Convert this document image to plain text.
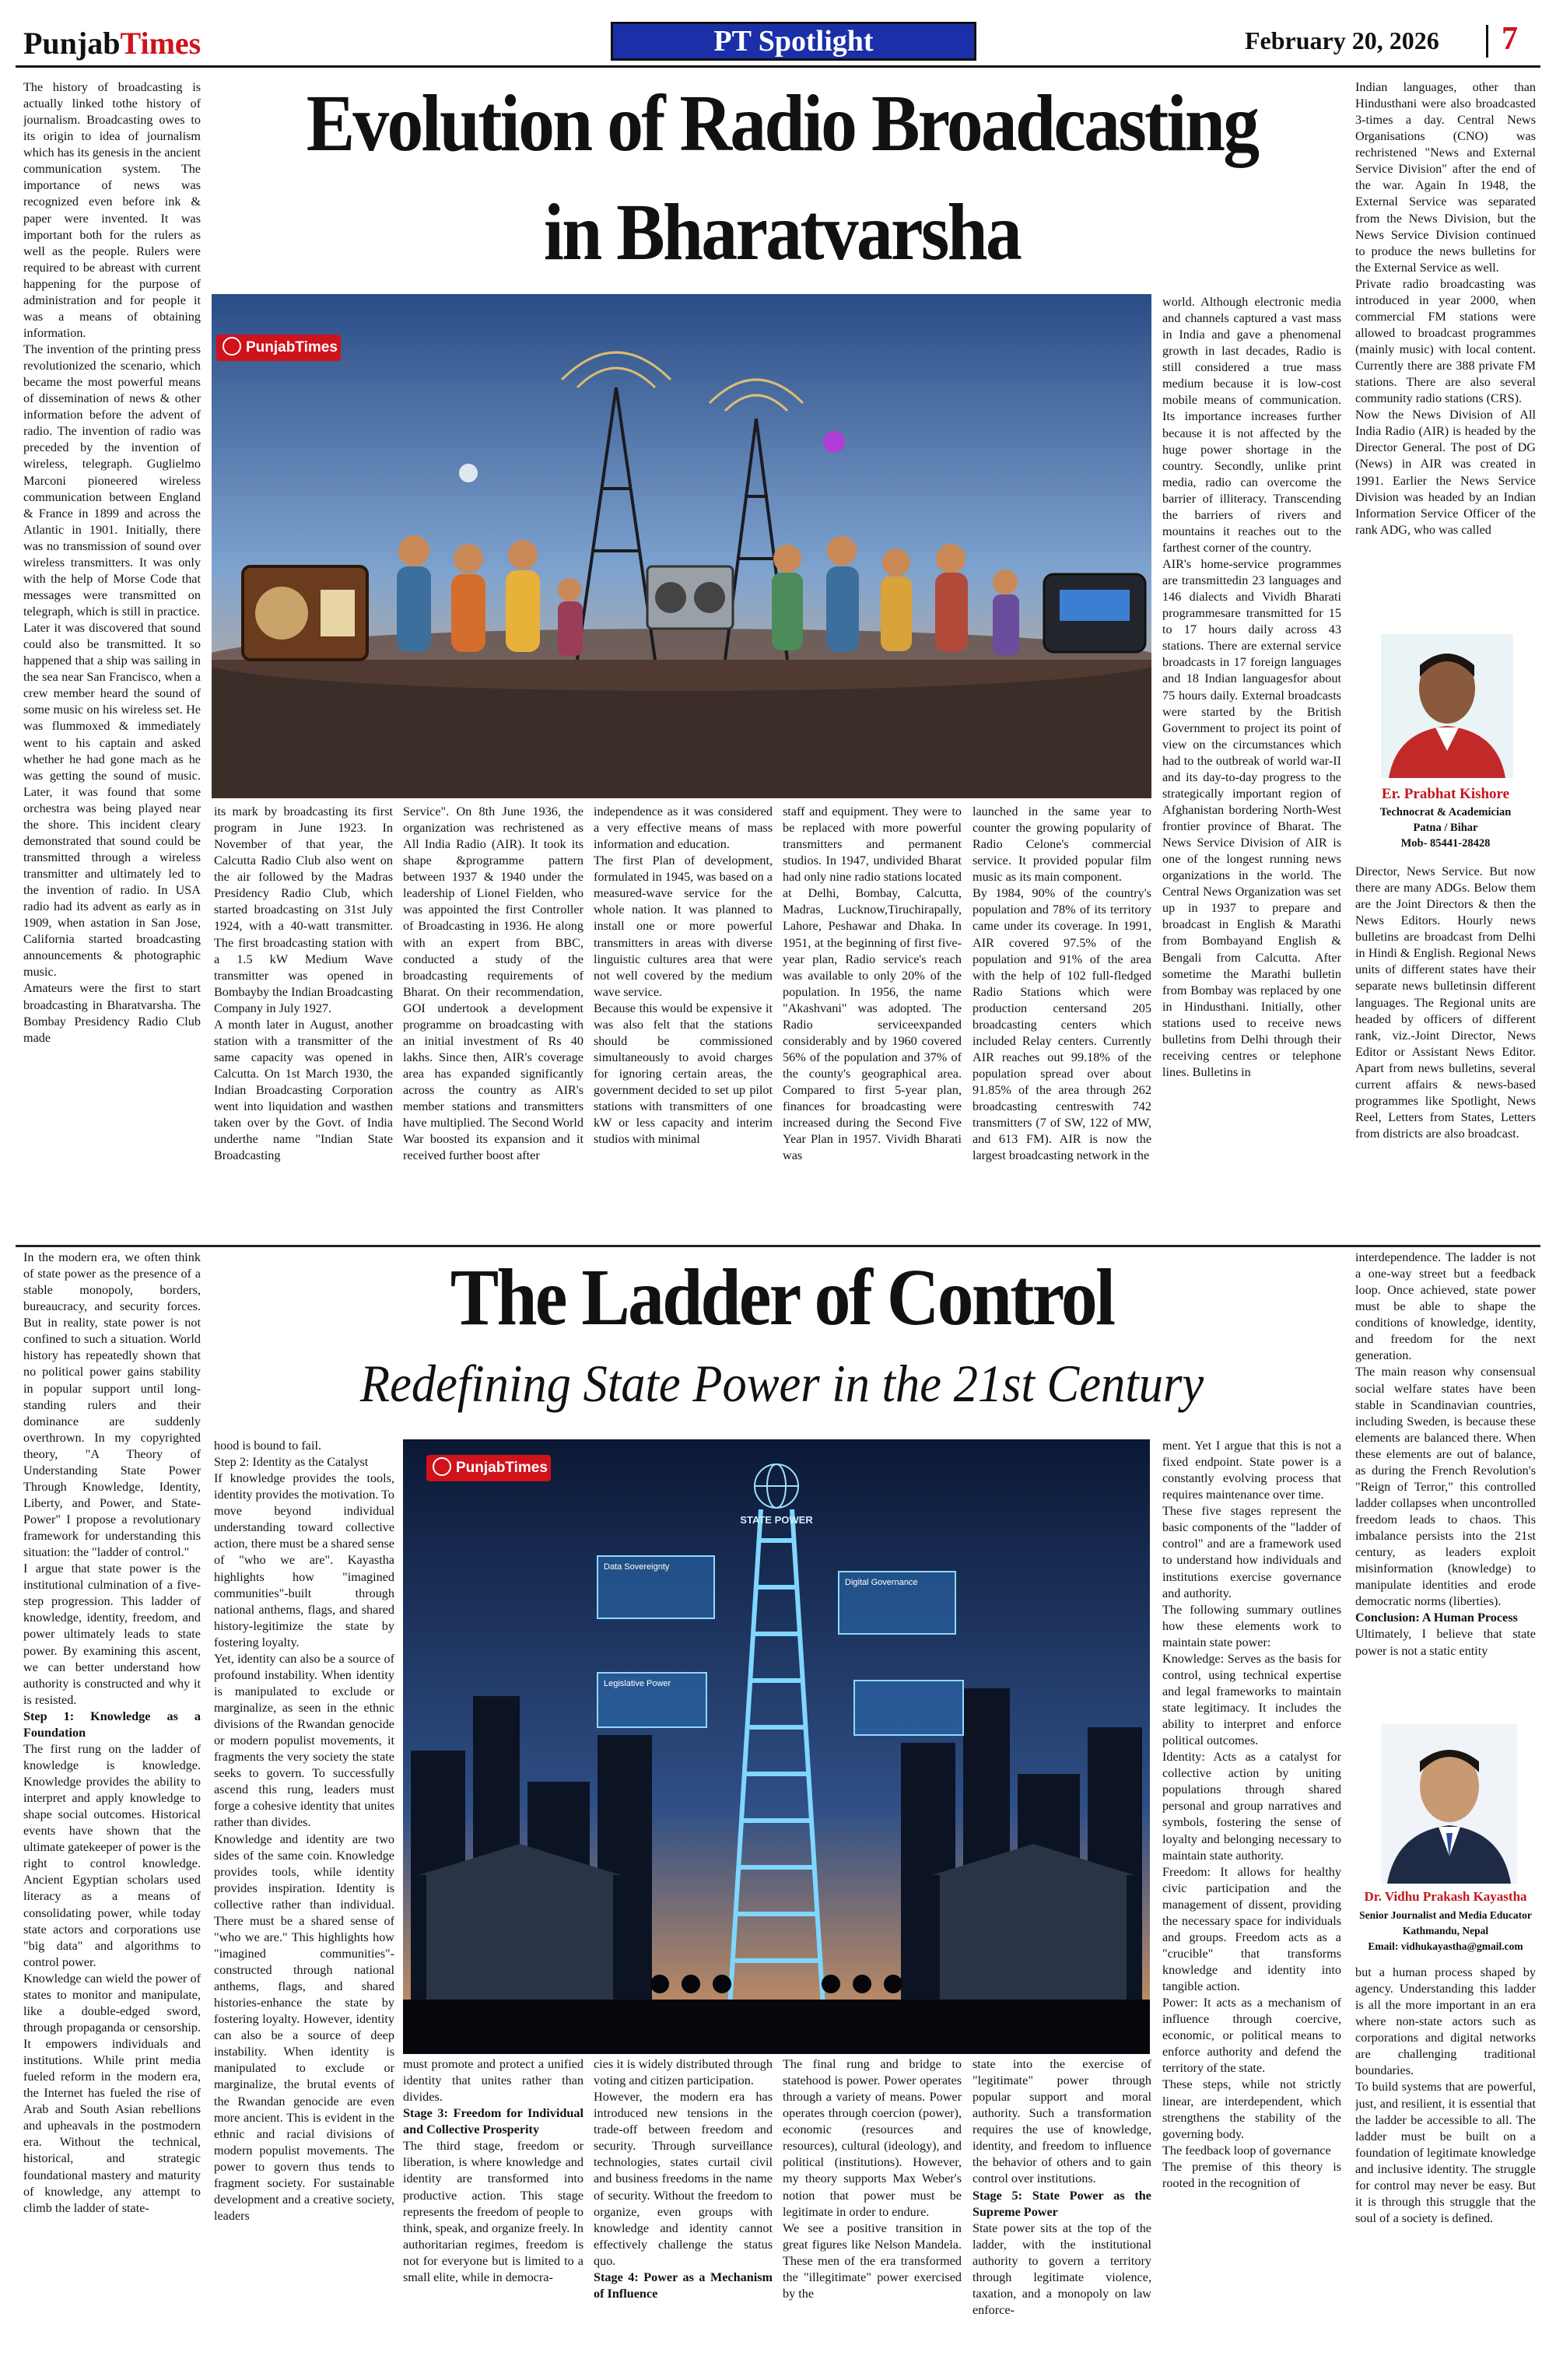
PunjabTimes	PT Spotlight	February 20, 2026 7
Evolution of Radio Broadcasting
in Bharatvarsha

The history of broadcasting is actually linked tothe history of journalism. Broadcasting owes to its origin to idea of journalism which has its genesis in the ancient communication system. The importance of news was recognized even before ink & paper were invented. It was important both for the rulers as well as the people. Rulers were required to be abreast with current happening for the purpose of administration and for people it was a means of obtaining information.
The invention of the printing press revolutionized the scenario, which became the most powerful means of dissemination of news & other information before the advent of radio. The invention of radio was preceded by the invention of wireless, telegraph. Guglielmo Marconi pioneered wireless communication between England & France in 1899 and across the Atlantic in 1901. Initially, there was no transmission of sound over wireless transmitters. It was only with the help of Morse Code that messages were transmitted on telegraph, which is still in practice.
Later it was discovered that sound could also be transmitted. It so happened that a ship was sailing in the sea near San Francisco, when a crew member heard the sound of some music on his wireless set. He was flummoxed & immediately went to his captain and asked whether he had gone mach as he was getting the sound of music. Later, it was found that some orchestra was being played near the shore. This incident cleary demonstrated that sound could be transmitted through a wireless transmitter and ultimately led to the invention of radio. In USA radio had its advent as early as in 1909, when astation in San Jose, California started broadcasting announcements & photographic music.
Amateurs were the first to start broadcasting in Bharatvarsha. The Bombay Presidency Radio Club made

PunjabTimes

its mark by broadcasting its first program in June 1923. In November of that year, the Calcutta Radio Club also went on the air followed by the Madras Presidency Radio Club, which started broadcasting on 31st July 1924, with a 40-watt transmitter. The first broadcasting station with a 1.5 kW Medium Wave transmitter was opened in Bombayby the Indian Broadcasting Company in July 1927.
A month later in August, another station with a transmitter of the same capacity was opened in Calcutta. On 1st March 1930, the Indian Broadcasting Corporation went into liquidation and wasthen taken over by the Govt. of India underthe name "Indian State Broadcasting

Service". On 8th June 1936, the organization was rechristened as All India Radio (AIR). It took its shape &programme pattern between 1937 & 1940 under the leadership of Lionel Fielden, who was appointed the first Controller of Broadcasting in 1936. He along with an expert from BBC, conducted a study of the broadcasting requirements of Bharat. On their recommendation, GOI undertook a development programme on broadcasting with an initial investment of Rs 40 lakhs. Since then, AIR's coverage area has expanded significantly across the country as AIR's member stations and transmitters have multiplied. The Second World War boosted its expansion and it received further boost after

independence as it was considered a very effective means of mass information and education.
The first Plan of development, formulated in 1945, was based on a measured-wave service for the whole nation. It was planned to install one or more powerful transmitters in areas with diverse linguistic cultures area that were not well covered by the medium wave service.
Because this would be expensive it was also felt that the stations should be commissioned simultaneously to avoid charges for ignoring certain areas, the government decided to set up pilot stations with transmitters of one kW or less capacity and interim studios with minimal

staff and equipment. They were to be replaced with more powerful transmitters and permanent studios. In 1947, undivided Bharat had only nine radio stations located at Delhi, Bombay, Calcutta, Madras, Lucknow,Tiruchirapally, Lahore, Peshawar and Dhaka. In 1951, at the beginning of first five-year plan, Radio service's reach was available to only 20% of the population. In 1956, the name "Akashvani" was adopted. The Radio serviceexpanded considerably and by 1960 covered 56% of the population and 37% of the county's geographical area. Compared to first 5-year plan, finances for broadcasting were increased during the Second Five Year Plan in 1957. Vividh Bharati was

launched in the same year to counter the growing popularity of Radio Celone's commercial service. It provided popular film music as its main component.
By 1984, 90% of the country's population and 78% of its territory came under its coverage. In 1991, AIR covered 97.5% of the population and 91% of the area with the help of 102 full-fledged Radio Stations which were production centersand 205 broadcasting centers which included Relay centers. Currently AIR reaches out 99.18% of the population spread over about 91.85% of the area through 262 broadcasting centreswith 742 transmitters (7 of SW, 122 of MW, and 613 FM). AIR is now the largest broadcasting network in the

world. Although electronic media and channels captured a vast mass in India and gave a phenomenal growth in last decades, Radio is still considered a true mass medium because it is low-cost mobile means of communication. Its importance increases further because it is not affected by the huge power shortage in the country. Secondly, unlike print media, radio can overcome the barrier of illiteracy. Transcending the barriers of rivers and mountains it reaches out to the farthest corner of the country.
AIR's home-service programmes are transmittedin 23 languages and 146 dialects and Vividh Bharati programmesare transmitted for 15 to 17 hours daily across 43 stations. There are external service broadcasts in 17 foreign languages and 18 Indian languagesfor about 75 hours daily. External broadcasts were started by the British Government to project its point of view on the circumstances which had to the outbreak of world war-II and its day-to-day progress to the strategically important region of Afghanistan bordering North-West frontier province of Bharat. The News Service Division of AIR is one of the longest running news organizations in the world. The Central News Organization was set up in 1937 to prepare and broadcast in English & Marathi from Bombayand English & Bengali from Calcutta. After sometime the Marathi bulletin from Bombay was replaced by one in Hindusthani. Initially, other stations used to receive news bulletins from Delhi through their receiving centres or telephone lines. Bulletins in

Indian languages, other than Hindusthani were also broadcasted 3-times a day. Central News Organisations (CNO) was rechristened "News and External Service Division" after the end of the war. Again In 1948, the External Service was separated from the News Division, but the News Service Division continued to produce the news bulletins for the External Service as well.
Private radio broadcasting was introduced in year 2000, when commercial FM stations were allowed to broadcast programmes (mainly music) with local content. Currently there are 388 private FM stations. There are also several community radio stations (CRS).
Now the News Division of All India Radio (AIR) is headed by the Director General. The post of DG (News) in AIR was created in 1991. Earlier the News Service Division was headed by an Indian Information Service Officer of the rank ADG, who was called

Er. Prabhat Kishore
Technocrat & Academician
Patna / Bihar
Mob- 85441-28428

Director, News Service. But now there are many ADGs. Below them are the Joint Directors & then the News Editors. Hourly news bulletins are broadcast from Delhi in Hindi & English. Regional News units of different states have their separate news bulletinsin different languages. The Regional units are headed by officers of different rank, viz.-Joint Director, News Editor or Assistant News Editor. Apart from news bulletins, several current affairs & news-based programmes like Spotlight, News Reel, Letters from States, Letters from districts are also broadcast.

The Ladder of Control
Redefining State Power in the 21st Century

In the modern era, we often think of state power as the presence of a stable monopoly, borders, bureaucracy, and security forces. But in reality, state power is not confined to such a situation. World history has repeatedly shown that no political power gains stability in popular support until long-standing rulers and their dominance are suddenly overthrown. In my copyrighted theory, "A Theory of Understanding State Power Through Knowledge, Identity, Liberty, and Power, and State-Power" I propose a revolutionary framework for understanding this situation: the "ladder of control."
I argue that state power is the institutional culmination of a five-step progression. This ladder of knowledge, identity, freedom, and power ultimately leads to state power. By examining this ascent, we can better understand how authority is constructed and why it is resisted.

Step 1: Knowledge as a Foundation

The first rung on the ladder of knowledge is knowledge. Knowledge provides the ability to interpret and apply knowledge to shape social outcomes. Historical events have shown that the ultimate gatekeeper of power is the right to control knowledge. Ancient Egyptian scholars used literacy as a means of consolidating power, while today state actors and corporations use "big data" and algorithms to control power.
Knowledge can wield the power of states to monitor and manipulate, like a double-edged sword, through propaganda or censorship. It empowers individuals and institutions. While print media fueled reform in the modern era, the Internet has fueled the rise of Arab and South Asian rebellions and upheavals in the postmodern era. Without the technical, historical, and strategic foundational mastery and maturity of knowledge, any attempt to climb the ladder of state-

hood is bound to fail.
Step 2: Identity as the Catalyst
If knowledge provides the tools, identity provides the motivation. To move beyond individual understanding toward collective action, there must be a shared sense of "who we are". Kayastha highlights how "imagined communities"-built through national anthems, flags, and shared history-legitimize the state by fostering loyalty.
Yet, identity can also be a source of profound instability. When identity is manipulated to exclude or marginalize, as seen in the ethnic divisions of the Rwandan genocide or modern populist movements, it fragments the very society the state seeks to govern. To successfully ascend this rung, leaders must forge a cohesive identity that unites rather than divides.
Knowledge and identity are two sides of the same coin. Knowledge provides tools, while identity provides inspiration. Identity is collective rather than individual. There must be a shared sense of "who we are." This highlights how "imagined communities"-constructed through national anthems, flags, and shared histories-enhance the state by fostering loyalty. However, identity can also be a source of deep instability. When identity is manipulated to exclude or marginalize, the brutal events of the Rwandan genocide are even more ancient. This is evident in the ethnic and racial divisions of modern populist movements. The power to govern thus tends to fragment society. For sustainable development and a creative society, leaders

STATE POWER
Data Sovereignty
Digital Governance
Legislative Power
PunjabTimes

must promote and protect a unified identity that unites rather than divides.

Stage 3: Freedom for Individual and Collective Prosperity

The third stage, freedom or liberation, is where knowledge and identity are transformed into productive action. This stage represents the freedom of people to think, speak, and organize freely. In authoritarian regimes, freedom is not for everyone but is limited to a small elite, while in democra-

cies it is widely distributed through voting and citizen participation.
However, the modern era has introduced new tensions in the trade-off between freedom and security. Through surveillance technologies, states curtail civil and business freedoms in the name of security. Without the freedom to organize, even groups with knowledge and identity cannot effectively challenge the status quo.

Stage 4: Power as a Mechanism of Influence

The final rung and bridge to statehood is power. Power operates through a variety of means. Power operates through coercion (power), economic (resources and resources), cultural (ideology), and political (institutions). However, my theory supports Max Weber's notion that power must be legitimate in order to endure.
We see a positive transition in great figures like Nelson Mandela. These men of the era transformed the "illegitimate" power exercised by the

state into the exercise of "legitimate" power through popular support and moral authority. Such a transformation requires the use of knowledge, identity, and freedom to influence the behavior of others and to gain control over institutions.

Stage 5: State Power as the Supreme Power

State power sits at the top of the ladder, with the institutional authority to govern a territory through legitimate violence, taxation, and a monopoly on law enforce-

ment. Yet I argue that this is not a fixed endpoint. State power is a constantly evolving process that requires maintenance over time.
These five stages represent the basic components of the "ladder of control" and are a framework used to understand how individuals and institutions exercise governance and authority.
The following summary outlines how these elements work to maintain state power:
Knowledge: Serves as the basis for control, using technical expertise and legal frameworks to maintain state legitimacy. It includes the ability to interpret and enforce political outcomes.
Identity: Acts as a catalyst for collective action by uniting populations through shared personal and group narratives and symbols, fostering the sense of loyalty and belonging necessary to maintain state authority.
Freedom: It allows for healthy civic participation and the management of dissent, providing the necessary space for individuals and groups. Freedom acts as a "crucible" that transforms knowledge and identity into tangible action.
Power: It acts as a mechanism of influence through coercive, economic, or political means to enforce authority and defend the territory of the state.
These steps, while not strictly linear, are interdependent, which strengthens the stability of the governing body.
The feedback loop of governance
The premise of this theory is rooted in the recognition of

interdependence. The ladder is not a one-way street but a feedback loop. Once achieved, state power must be able to shape the conditions of knowledge, identity, and freedom for the next generation.
The main reason why consensual social welfare states have been stable in Scandinavian countries, including Sweden, is because these elements are balanced there. When these elements are out of balance, as during the French Revolution's "Reign of Terror," this controlled ladder collapses when uncontrolled freedom leads to chaos. This imbalance persists into the 21st century, as leaders exploit misinformation (knowledge) to manipulate identities and erode democratic norms (liberties).

Conclusion: A Human Process

Ultimately, I believe that state power is not a static entity

Dr. Vidhu Prakash Kayastha
Senior Journalist and Media Educator
Kathmandu, Nepal
Email: vidhukayastha@gmail.com

but a human process shaped by agency. Understanding this ladder is all the more important in an era where non-state actors such as corporations and digital networks are challenging traditional boundaries.
To build systems that are powerful, just, and resilient, it is essential that the ladder be accessible to all. The ladder must be built on a foundation of legitimate knowledge and inclusive identity. The struggle for control may never be easy. But it is through this struggle that the soul of a society is defined.
